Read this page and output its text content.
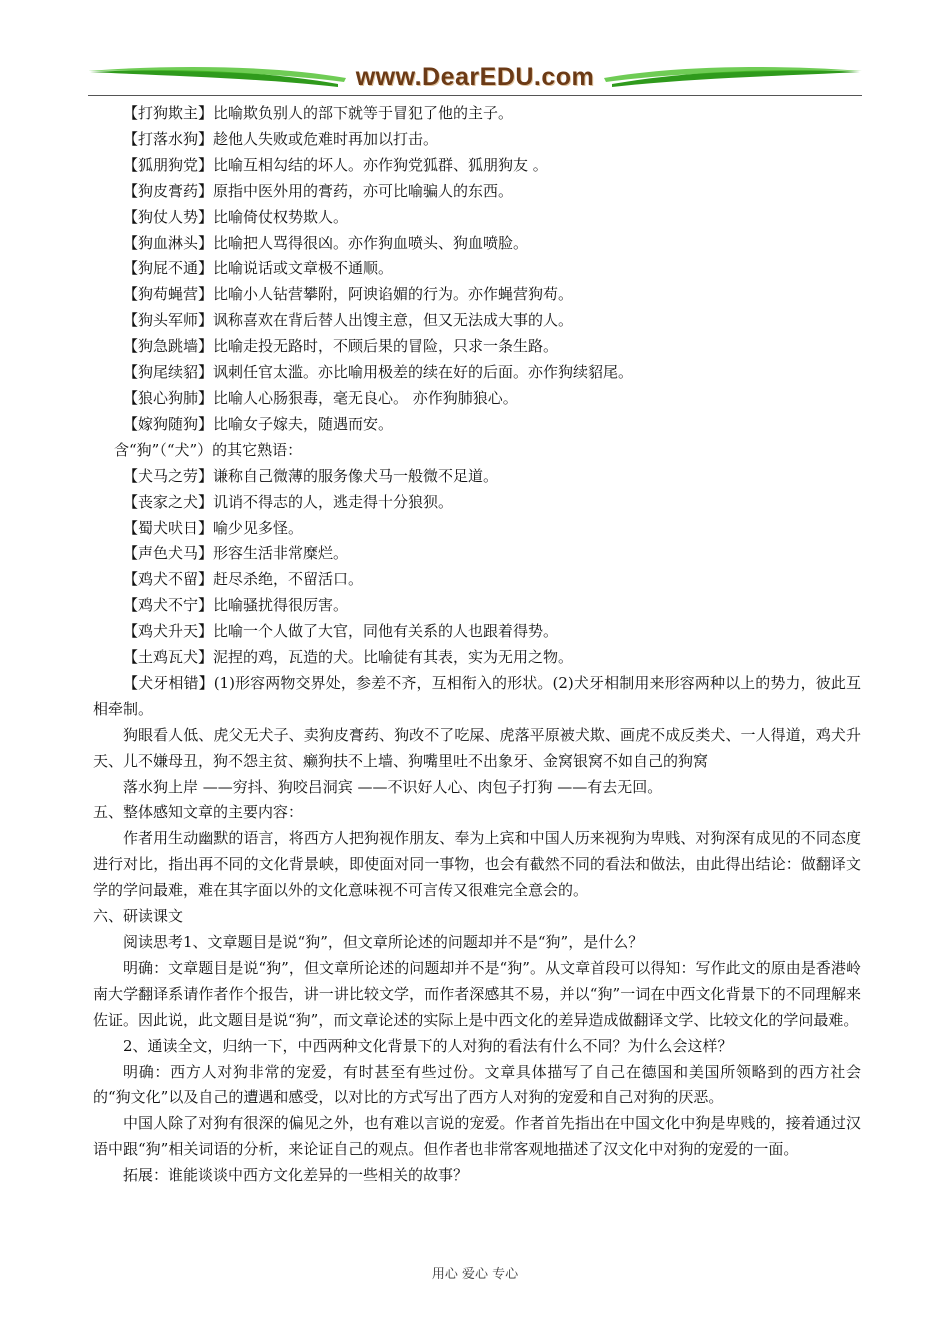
www.DearEDU.com
【打狗欺主】比喻欺负别人的部下就等于冒犯了他的主子。
【打落水狗】趁他人失败或危难时再加以打击。
【狐朋狗党】比喻互相勾结的坏人。亦作狗党狐群、狐朋狗友 。
【狗皮膏药】原指中医外用的膏药，亦可比喻骗人的东西。
【狗仗人势】比喻倚仗权势欺人。
【狗血淋头】比喻把人骂得很凶。亦作狗血喷头、狗血喷脸。
【狗屁不通】比喻说话或文章极不通顺。
【狗苟蝇营】比喻小人钻营攀附，阿谀谄媚的行为。亦作蝇营狗苟。
【狗头军师】讽称喜欢在背后替人出馊主意，但又无法成大事的人。
【狗急跳墙】比喻走投无路时，不顾后果的冒险，只求一条生路。
【狗尾续貂】讽刺任官太滥。亦比喻用极差的续在好的后面。亦作狗续貂尾。
【狼心狗肺】比喻人心肠狠毒，毫无良心。 亦作狗肺狼心。
【嫁狗随狗】比喻女子嫁夫，随遇而安。
含“狗”（“犬”）的其它熟语：
【犬马之劳】谦称自己微薄的服务像犬马一般微不足道。
【丧家之犬】讥诮不得志的人，逃走得十分狼狈。
【蜀犬吠日】喻少见多怪。
【声色犬马】形容生活非常糜烂。
【鸡犬不留】赶尽杀绝，不留活口。
【鸡犬不宁】比喻骚扰得很厉害。
【鸡犬升天】比喻一个人做了大官，同他有关系的人也跟着得势。
【土鸡瓦犬】泥捏的鸡，瓦造的犬。比喻徒有其表，实为无用之物。
【犬牙相错】(1)形容两物交界处，参差不齐，互相衔入的形状。(2)犬牙相制用来形容两种以上的势力，彼此互相牵制。
狗眼看人低、虎父无犬子、卖狗皮膏药、狗改不了吃屎、虎落平原被犬欺、画虎不成反类犬、一人得道，鸡犬升天、儿不嫌母丑，狗不怨主贫、癞狗扶不上墙、狗嘴里吐不出象牙、金窝银窝不如自己的狗窝
落水狗上岸 ——穷抖、狗咬吕洞宾 ——不识好人心、肉包子打狗 ——有去无回。
五、整体感知文章的主要内容：
作者用生动幽默的语言，将西方人把狗视作朋友、奉为上宾和中国人历来视狗为卑贱、对狗深有成见的不同态度进行对比，指出再不同的文化背景峡，即使面对同一事物，也会有截然不同的看法和做法，由此得出结论：做翻译文学的学问最难，难在其字面以外的文化意味视不可言传又很难完全意会的。
六、研读课文
阅读思考1、文章题目是说“狗”，但文章所论述的问题却并不是“狗”，是什么？
明确：文章题目是说“狗”，但文章所论述的问题却并不是“狗”。从文章首段可以得知：写作此文的原由是香港岭南大学翻译系请作者作个报告，讲一讲比较文学，而作者深感其不易，并以“狗”一词在中西文化背景下的不同理解来佐证。因此说，此文题目是说“狗”，而文章论述的实际上是中西文化的差异造成做翻译文学、比较文化的学问最难。
2、通读全文，归纳一下，中西两种文化背景下的人对狗的看法有什么不同？为什么会这样？
明确：西方人对狗非常的宠爱，有时甚至有些过份。文章具体描写了自己在德国和美国所领略到的西方社会的“狗文化”以及自己的遭遇和感受，以对比的方式写出了西方人对狗的宠爱和自己对狗的厌恶。
中国人除了对狗有很深的偏见之外，也有难以言说的宠爱。作者首先指出在中国文化中狗是卑贱的，接着通过汉语中跟“狗”相关词语的分析，来论证自己的观点。但作者也非常客观地描述了汉文化中对狗的宠爱的一面。
拓展：谁能谈谈中西方文化差异的一些相关的故事？
用心 爱心 专心
